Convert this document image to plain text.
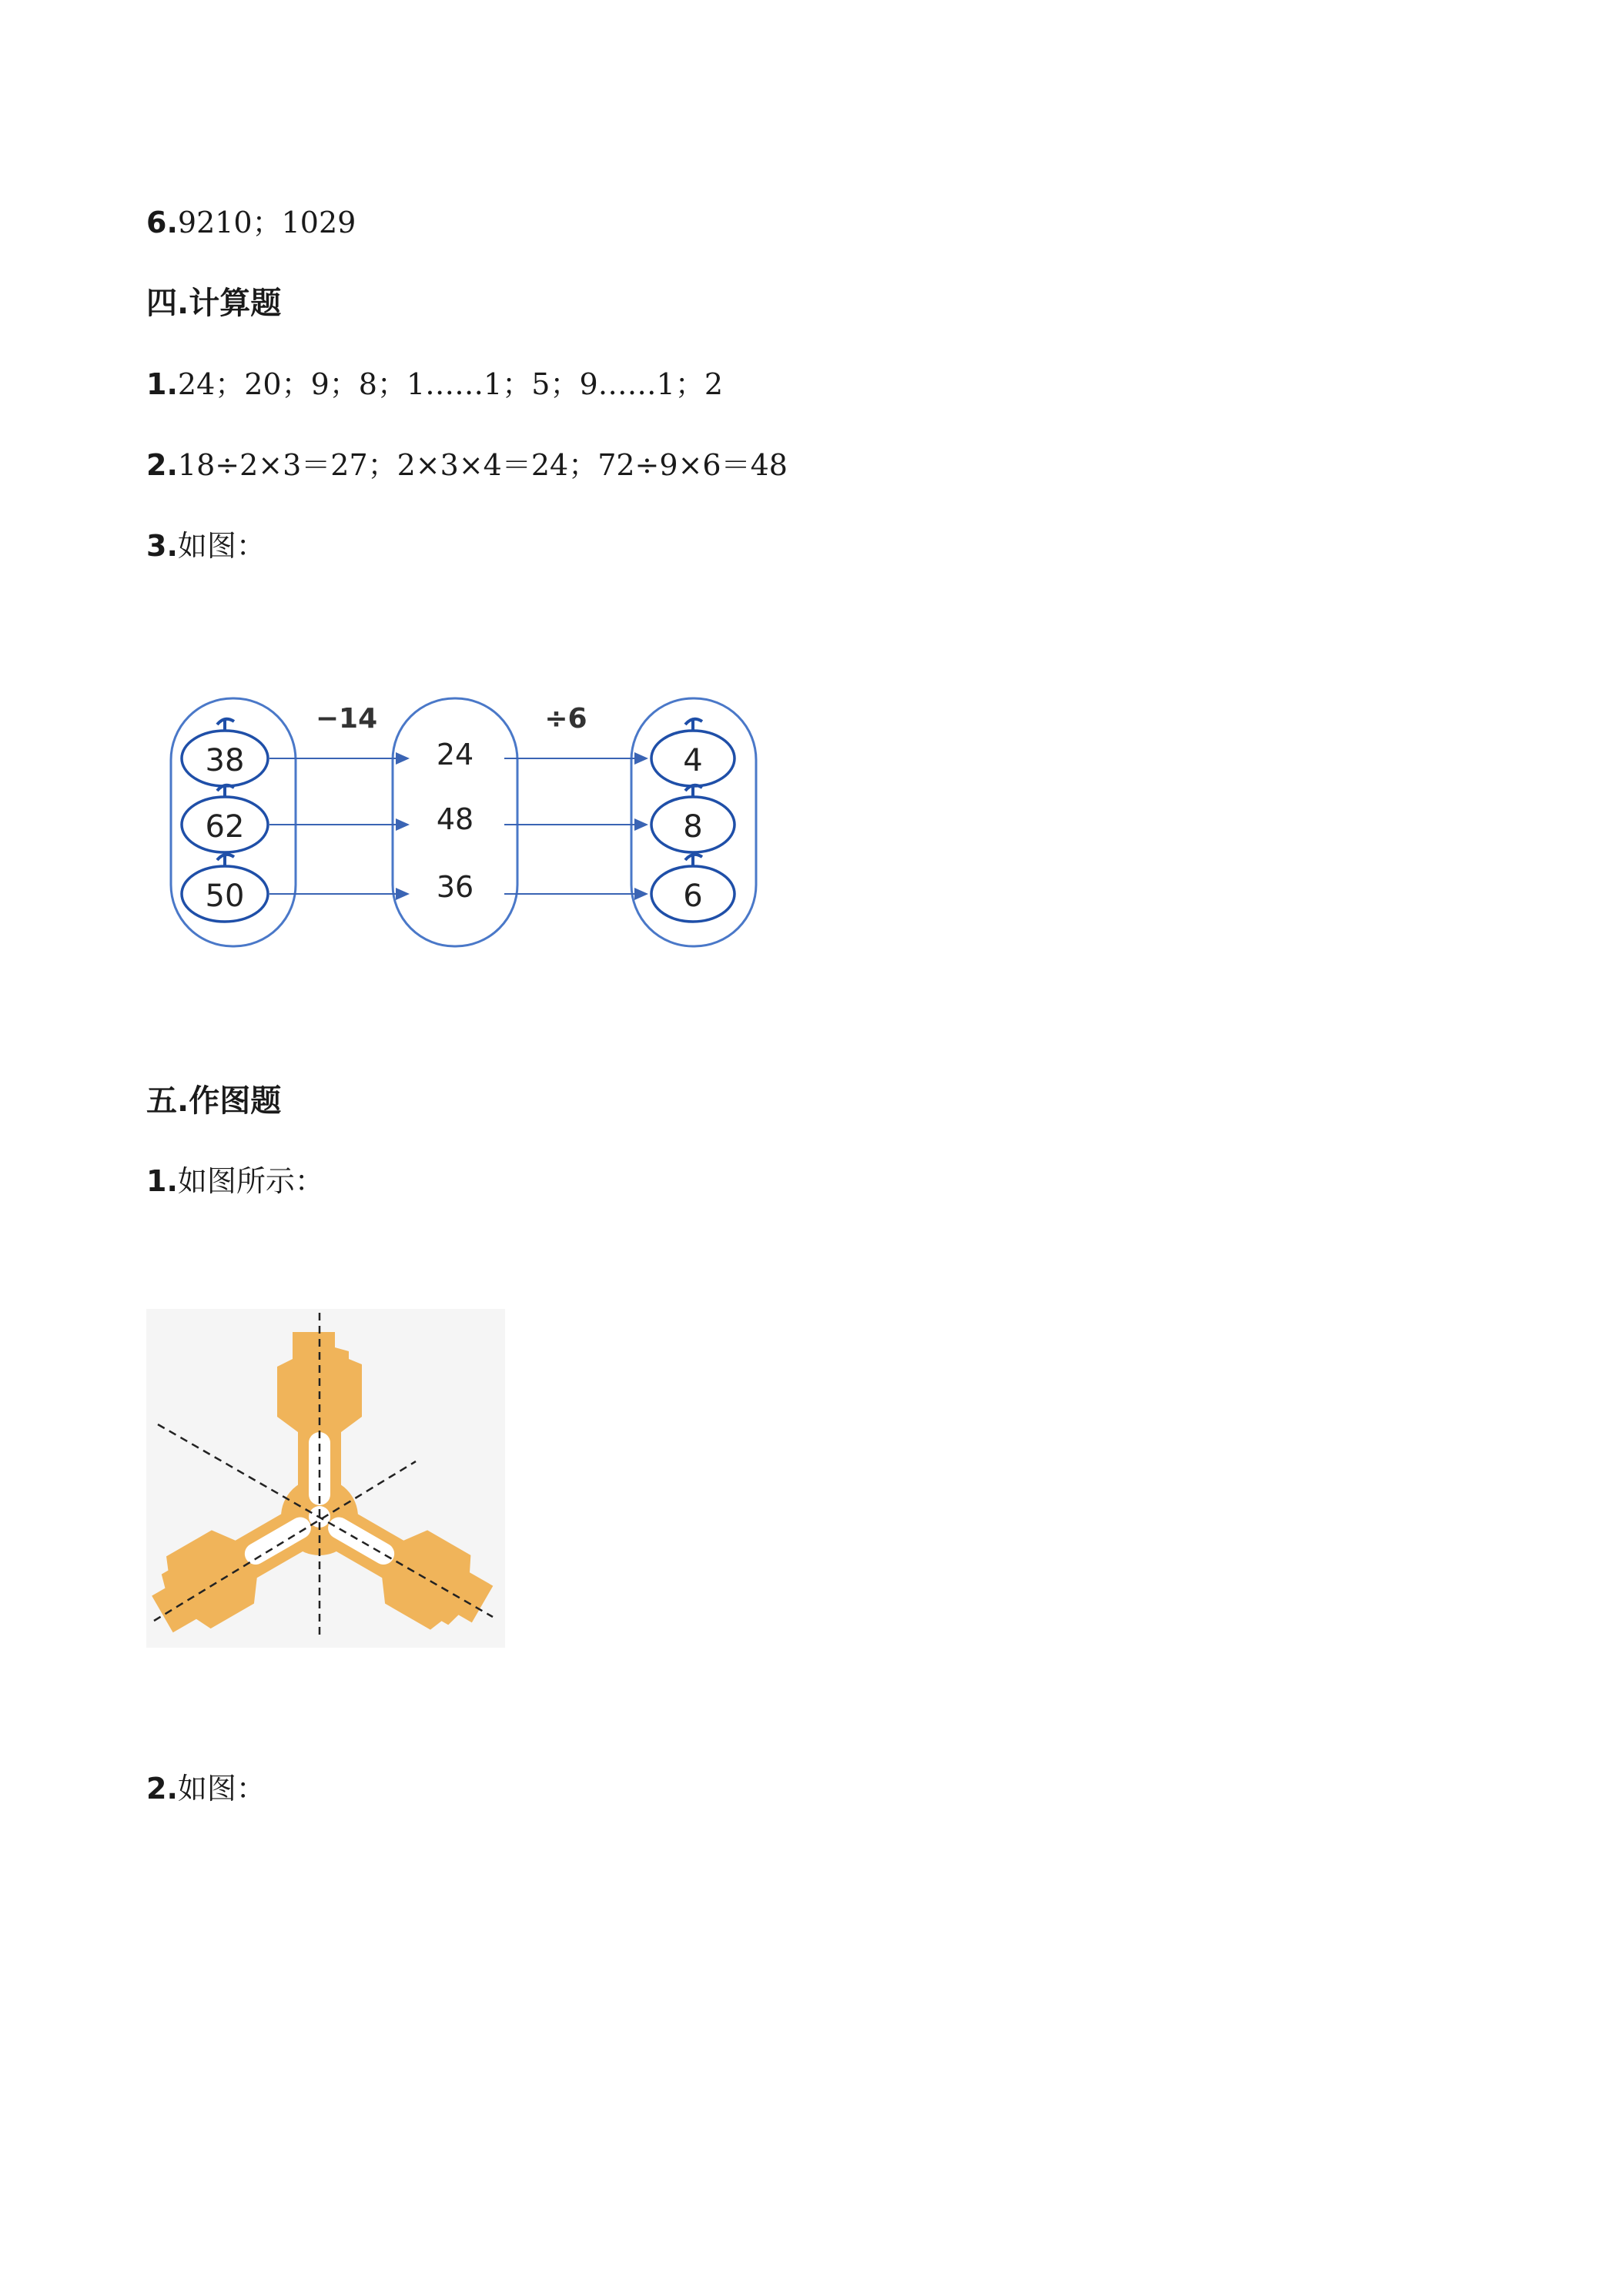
6.9210；1029
四.计算题
1.24；20；9；8；1……1；5；9……1；2
2.18÷2×3＝27；2×3×4＝24；72÷9×6＝48
3.如图：
−14	÷6
38
62
50
24
48
36
4
8
6
五.作图题
1.如图所示：
2.如图：
